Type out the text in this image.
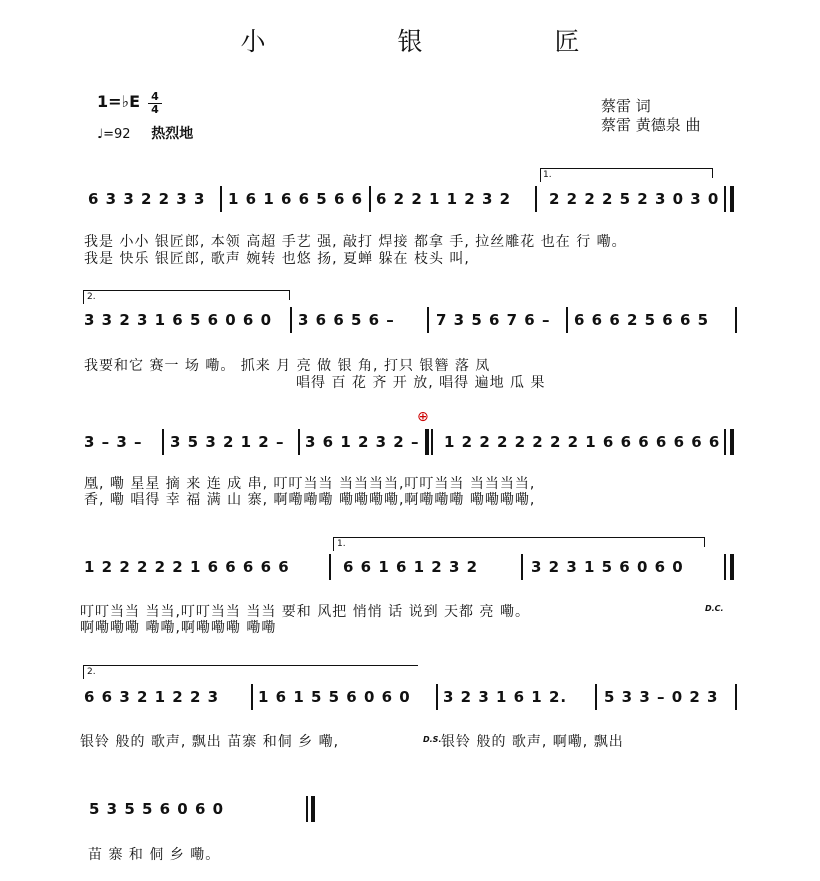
小 银 匠
1=♭E 4
4
♩=92 热烈地
蔡雷 词
蔡雷 黄德泉 曲
1.
6 3 3 2 2 3 3 1 6 1 6 6 5 6 6 6 2 2 1 1 2 3 2	2 2 2 2 5 2 3 0 3 0
我是 小小 银匠郎, 本领 高超 手艺 强, 敲打 焊接 都拿 手, 拉丝雕花 也在 行 嘞。
我是 快乐 银匠郎, 歌声 婉转 也悠 扬, 夏蝉 躲在 枝头 叫,
2.
3 3 2 3 1 6 5 6 0 6 0 3 6 6 5 6 –	7 3 5 6 7 6 – 6 6 6 2 5 6 6 5
我要和它 赛一 场 嘞。 抓来 月 亮 做 银 角, 打只 银簪 落 凤
唱得 百 花 齐 开 放, 唱得 遍地 瓜 果
⊕
3 – 3 – 3 5 3 2 1 2 – 3 6 1 2 3 2 – 1 2 2 2 2 2 2 2 1 6 6 6 6 6 6 6
凰, 嘞 星星 摘 来 连 成 串, 叮叮当当 当当当当,叮叮当当 当当当当,
香, 嘞 唱得 幸 福 满 山 寨, 啊嘞嘞嘞 嘞嘞嘞嘞,啊嘞嘞嘞 嘞嘞嘞嘞,
1.
1 2 2 2 2 2 1 6 6 6 6 6	6 6 1 6 1 2 3 2	3 2 3 1 5 6 0 6 0
叮叮当当 当当,叮叮当当 当当 要和 风把 悄悄 话 说到 天都 亮 嘞。	D.C.
啊嘞嘞嘞 嘞嘞,啊嘞嘞嘞 嘞嘞
2.
6 6 3 2 1 2 2 3	1 6 1 5 5 6 0 6 0 3 2 3 1 6 1 2. 5 3 3 – 0 2 3
银铃 般的 歌声, 飘出 苗寨 和侗 乡 嘞,	D.S. 银铃 般的 歌声, 啊嘞, 飘出
5 3 5 5 6 0 6 0
苗 寨 和 侗 乡 嘞。
